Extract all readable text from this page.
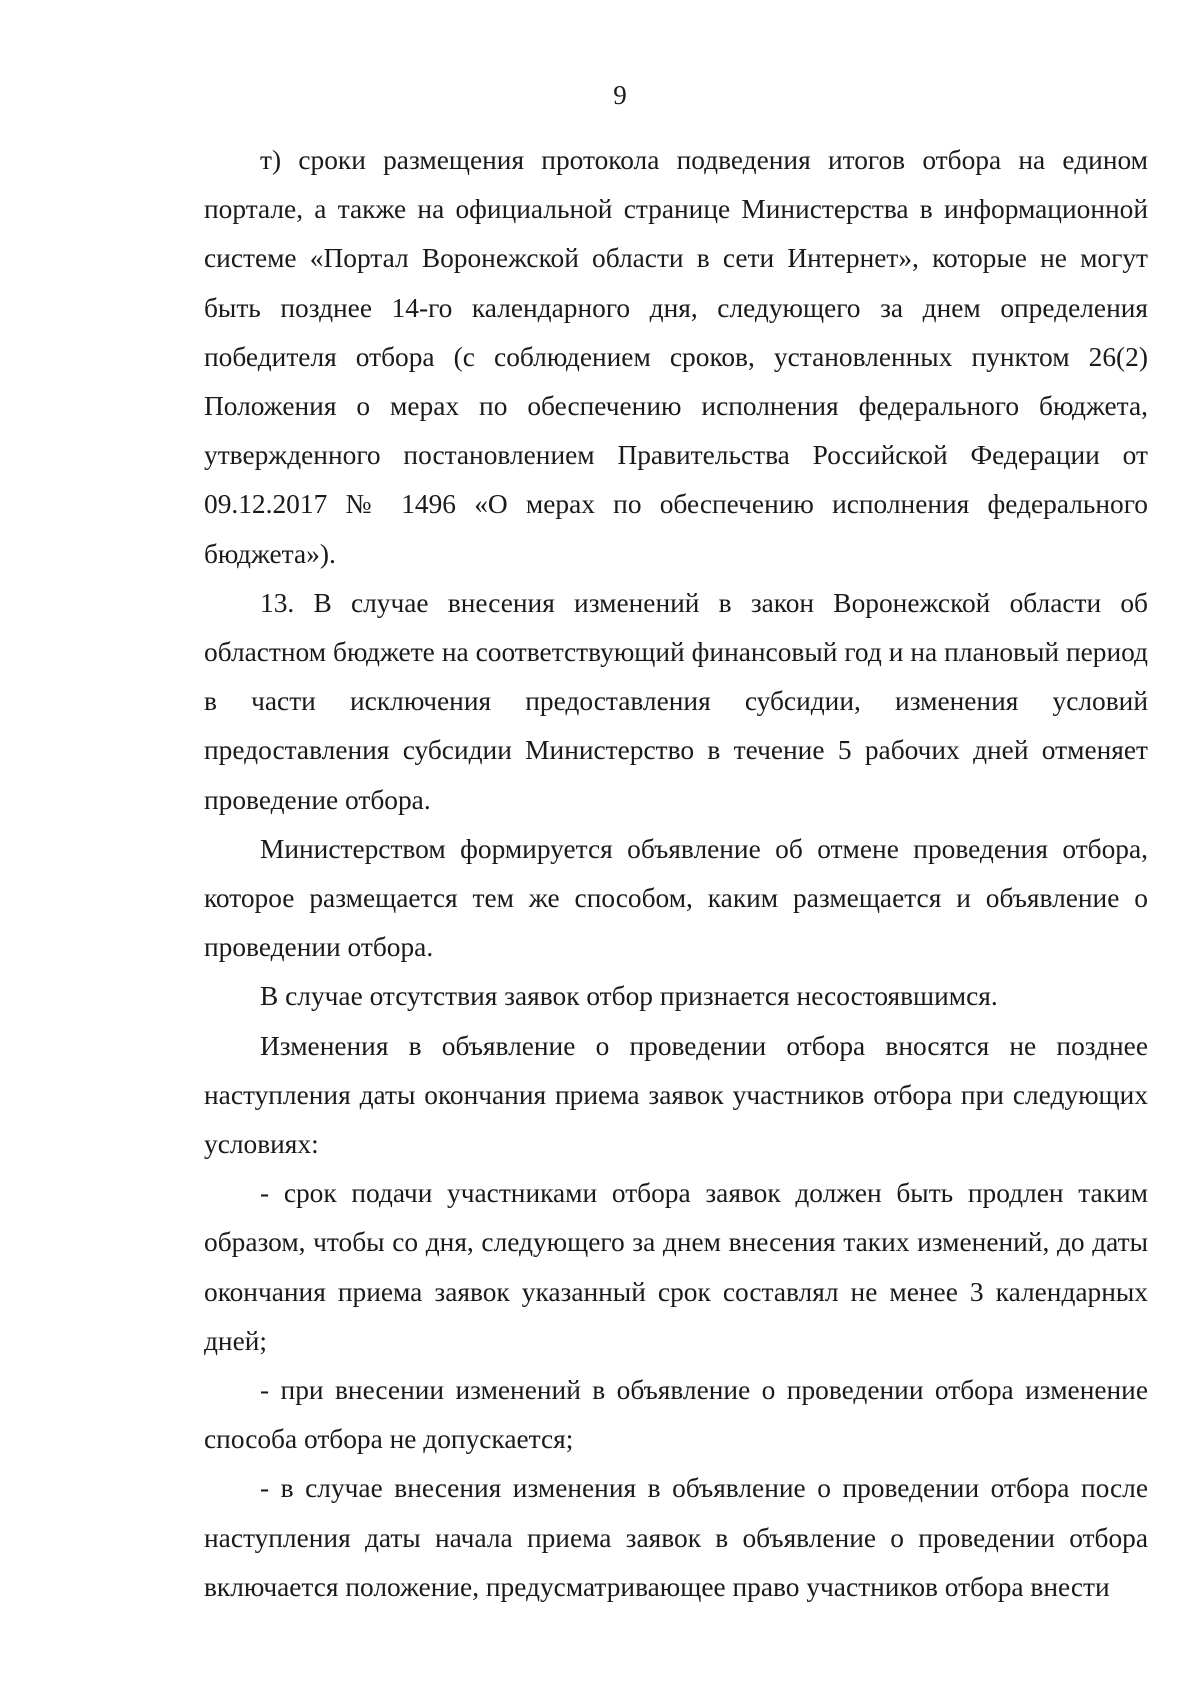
9

т) сроки размещения протокола подведения итогов отбора на едином портале, а также на официальной странице Министерства в информационной системе «Портал Воронежской области в сети Интернет», которые не могут быть позднее 14-го календарного дня, следующего за днем определения победителя отбора (с соблюдением сроков, установленных пунктом 26(2) Положения о мерах по обеспечению исполнения федерального бюджета, утвержденного постановлением Правительства Российской Федерации от 09.12.2017 № 1496 «О мерах по обеспечению исполнения федерального бюджета»).

13. В случае внесения изменений в закон Воронежской области об областном бюджете на соответствующий финансовый год и на плановый период в части исключения предоставления субсидии, изменения условий предоставления субсидии Министерство в течение 5 рабочих дней отменяет проведение отбора.

Министерством формируется объявление об отмене проведения отбора, которое размещается тем же способом, каким размещается и объявление о проведении отбора.

В случае отсутствия заявок отбор признается несостоявшимся.

Изменения в объявление о проведении отбора вносятся не позднее наступления даты окончания приема заявок участников отбора при следующих условиях:

- срок подачи участниками отбора заявок должен быть продлен таким образом, чтобы со дня, следующего за днем внесения таких изменений, до даты окончания приема заявок указанный срок составлял не менее 3 календарных дней;

- при внесении изменений в объявление о проведении отбора изменение способа отбора не допускается;

- в случае внесения изменения в объявление о проведении отбора после наступления даты начала приема заявок в объявление о проведении отбора включается положение, предусматривающее право участников отбора внести
